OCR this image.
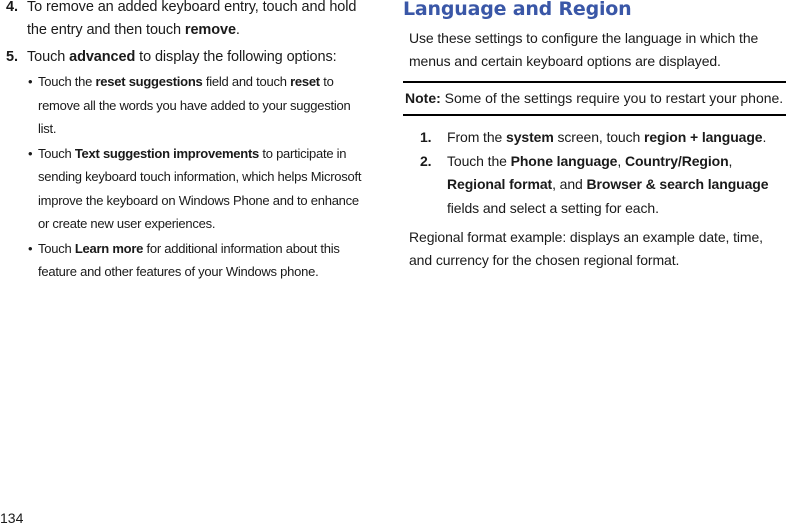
4. To remove an added keyboard entry, touch and hold the entry and then touch remove.
5. Touch advanced to display the following options:
• Touch the reset suggestions field and touch reset to remove all the words you have added to your suggestion list.
• Touch Text suggestion improvements to participate in sending keyboard touch information, which helps Microsoft improve the keyboard on Windows Phone and to enhance or create new user experiences.
• Touch Learn more for additional information about this feature and other features of your Windows phone.
Language and Region

Use these settings to configure the language in which the menus and certain keyboard options are displayed.

Note: Some of the settings require you to restart your phone.
1. From the system screen, touch region + language.
2. Touch the Phone language, Country/Region, Regional format, and Browser & search language fields and select a setting for each.

Regional format example: displays an example date, time, and currency for the chosen regional format.

134
